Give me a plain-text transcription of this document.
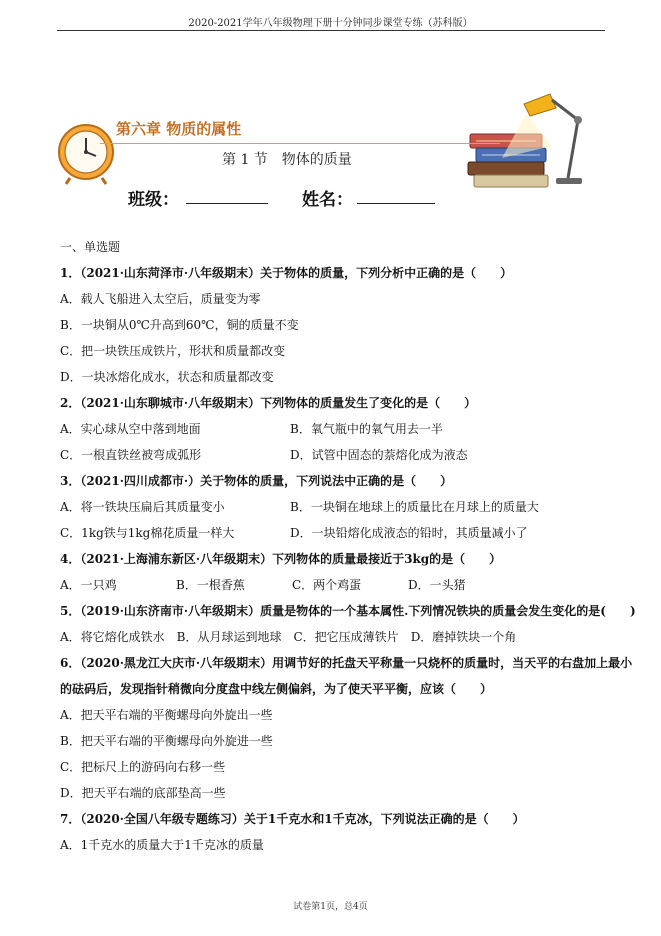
2020-2021学年八年级物理下册十分钟同步课堂专练（苏科版）
第六章 物质的属性
第 1 节　物体的质量
班级：	姓名：
一、单选题
1．（2021·山东菏泽市·八年级期末）关于物体的质量，下列分析中正确的是（　　）
A．载人飞船进入太空后，质量变为零
B．一块铜从0℃升高到60℃，铜的质量不变
C．把一块铁压成铁片，形状和质量都改变
D．一块冰熔化成水，状态和质量都改变
2．（2021·山东聊城市·八年级期末）下列物体的质量发生了变化的是（　　）
A．实心球从空中落到地面	B．氧气瓶中的氧气用去一半
C．一根直铁丝被弯成弧形	D．试管中固态的萘熔化成为液态
3．（2021·四川成都市·）关于物体的质量，下列说法中正确的是（　　）
A．将一铁块压扁后其质量变小	B．一块铜在地球上的质量比在月球上的质量大
C．1kg铁与1kg棉花质量一样大	D．一块铅熔化成液态的铅时，其质量减小了
4．（2021·上海浦东新区·八年级期末）下列物体的质量最接近于3kg的是（　　）
A．一只鸡	B．一根香蕉	C．两个鸡蛋	D．一头猪
5．（2019·山东济南市·八年级期末）质量是物体的一个基本属性.下列情况铁块的质量会发生变化的是(　　)
A．将它熔化成铁水 B．从月球运到地球 C．把它压成薄铁片 D．磨掉铁块一个角
6．（2020·黑龙江大庆市·八年级期末）用调节好的托盘天平称量一只烧杯的质量时，当天平的右盘加上最小
的砝码后，发现指针稍微向分度盘中线左侧偏斜，为了使天平平衡，应该（　　）
A．把天平右端的平衡螺母向外旋出一些
B．把天平右端的平衡螺母向外旋进一些
C．把标尺上的游码向右移一些
D．把天平右端的底部垫高一些
7．（2020·全国八年级专题练习）关于1千克水和1千克冰，下列说法正确的是（　　）
A．1千克水的质量大于1千克冰的质量
试卷第1页，总4页
